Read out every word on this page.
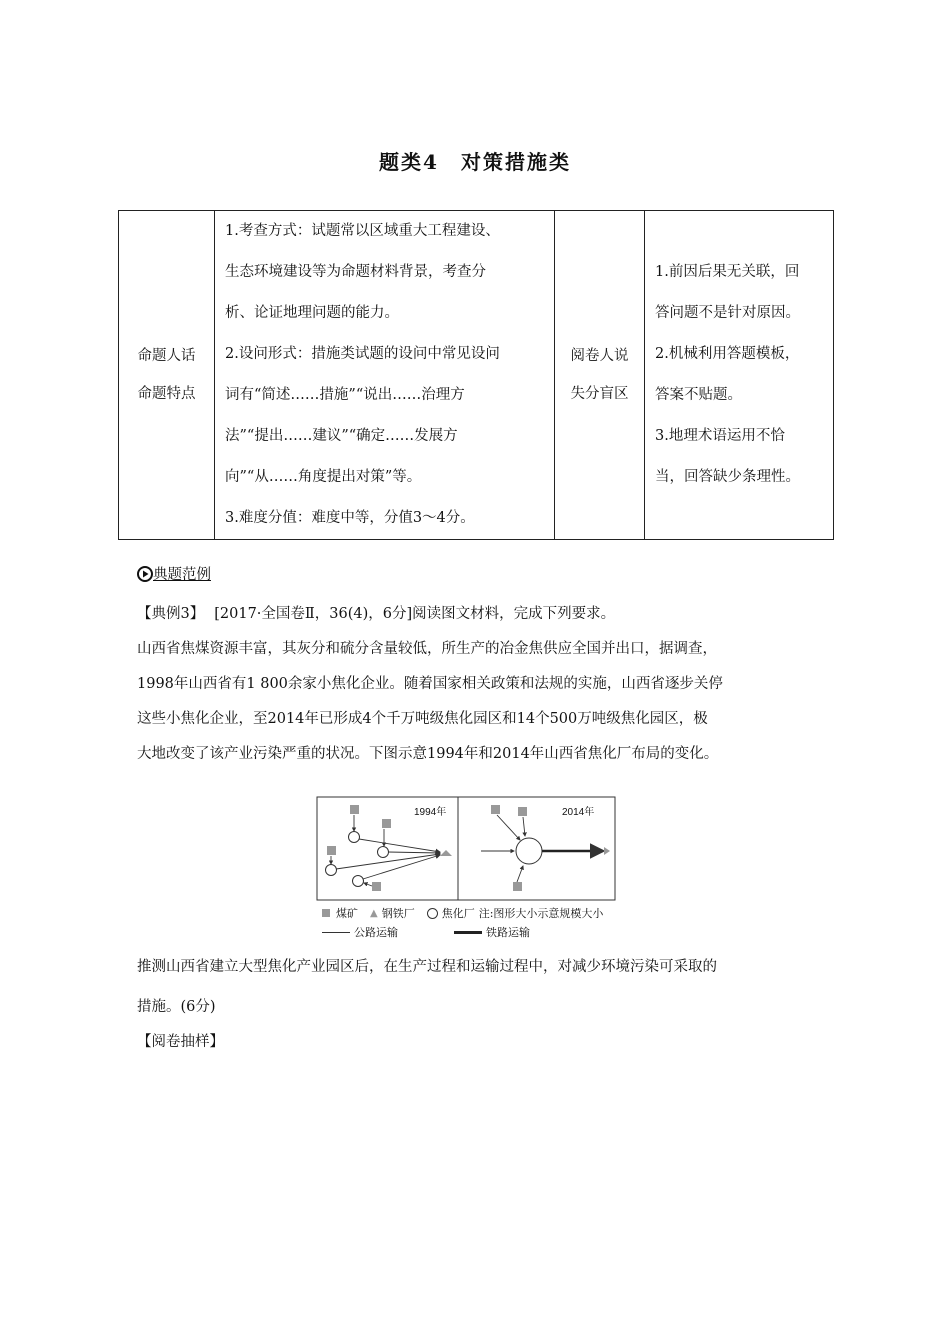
题类4 对策措施类
命题人话
命题特点

1.考查方式：试题常以区域重大工程建设、
生态环境建设等为命题材料背景，考查分
析、论证地理问题的能力。
2.设问形式：措施类试题的设问中常见设问
词有“简述……措施”“说出……治理方
法”“提出……建议”“确定……发展方
向”“从……角度提出对策”等。
3.难度分值：难度中等，分值3～4分。

阅卷人说
失分盲区

1.前因后果无关联，回
答问题不是针对原因。
2.机械利用答题模板，
答案不贴题。
3.地理术语运用不恰
当，回答缺少条理性。
典题范例
【典例3】 [2017·全国卷Ⅱ，36(4)，6分]阅读图文材料，完成下列要求。
山西省焦煤资源丰富，其灰分和硫分含量较低，所生产的冶金焦供应全国并出口，据调查，
1998年山西省有1 800余家小焦化企业。随着国家相关政策和法规的实施，山西省逐步关停
这些小焦化企业，至2014年已形成4个千万吨级焦化园区和14个500万吨级焦化园区，极
大地改变了该产业污染严重的状况。下图示意1994年和2014年山西省焦化厂布局的变化。
1994年	2014年
煤矿 ▲ 钢铁厂 焦化厂 注:图形大小示意规模大小
公路运输	铁路运输
推测山西省建立大型焦化产业园区后，在生产过程和运输过程中，对减少环境污染可采取的
措施。(6分)
【阅卷抽样】
